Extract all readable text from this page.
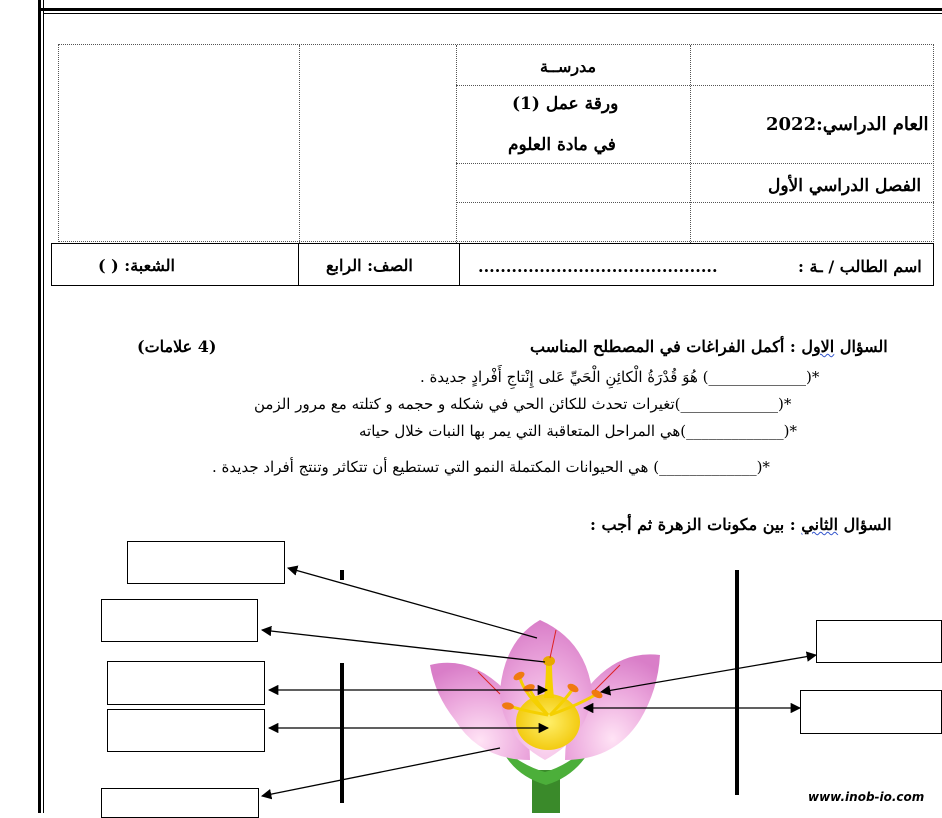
مدرســة
ورقة عمل (1)
في مادة العلوم
العام الدراسي:2022
الفصل الدراسي الأول
اسم الطالب / ـة :
...........................................
الصف: الرابع
الشعبة: ( )
السؤال الاول : أكمل الفراغات في المصطلح المناسب
(4 علامات)
*(_____________) هُوَ قُدْرَةُ الْكائِنِ الْحَيِّ عَلى إِنْتاجِ أَفْرادٍ جديدة .
*(_____________)تغيرات تحدث للكائن الحي في شكله و حجمه و كتلته مع مرور الزمن
*(_____________)هي المراحل المتعاقبة التي يمر بها النبات خلال حياته
*(_____________) هي الحيوانات المكتملة النمو التي تستطيع أن تتكاثر وتنتج أفراد جديدة .
السؤال الثاني : بين مكونات الزهرة ثم أجب :
www.inob-io.com
